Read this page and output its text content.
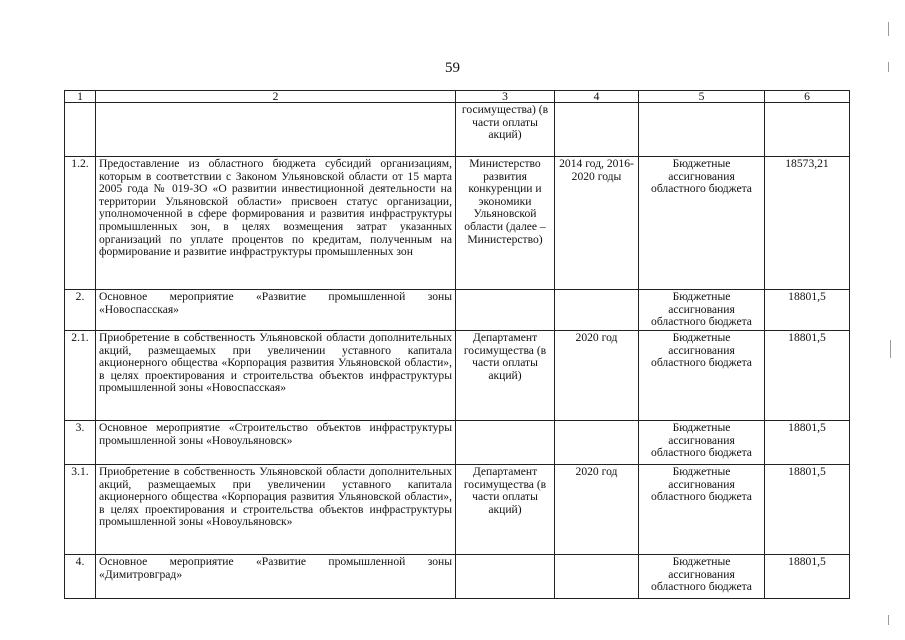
59
1	2	3	4	5	6
		госимущества) (в части оплаты акций)			
1.2.	Предоставление из областного бюджета субсидий организациям, которым в соответствии с Законом Ульяновской области от 15 марта 2005 года № 019-ЗО «О развитии инвестиционной деятельности на территории Ульяновской области» присвоен статус организации, уполномоченной в сфере формирования и развития инфраструктуры промышленных зон, в целях возмещения затрат указанных организаций по уплате процентов по кредитам, полученным на формирование и развитие инфраструктуры промышленных зон	Министерство развития конкуренции и экономики Ульяновской области (далее – Министерство)	2014 год, 2016-2020 годы	Бюджетные ассигнования областного бюджета	18573,21
2.	Основное мероприятие «Развитие промышленной зоны «Новоспасская»			Бюджетные ассигнования областного бюджета	18801,5
2.1.	Приобретение в собственность Ульяновской области дополнительных акций, размещаемых при увеличении уставного капитала акционерного общества «Корпорация развития Ульяновской области», в целях проектирования и строительства объектов инфраструктуры промышленной зоны «Новоспасская»	Департамент госимущества (в части оплаты акций)	2020 год	Бюджетные ассигнования областного бюджета	18801,5
3.	Основное мероприятие «Строительство объектов инфраструктуры промышленной зоны «Новоульяновск»			Бюджетные ассигнования областного бюджета	18801,5
3.1.	Приобретение в собственность Ульяновской области дополнительных акций, размещаемых при увеличении уставного капитала акционерного общества «Корпорация развития Ульяновской области», в целях проектирования и строительства объектов инфраструктуры промышленной зоны «Новоульяновск»	Департамент госимущества (в части оплаты акций)	2020 год	Бюджетные ассигнования областного бюджета	18801,5
4.	Основное мероприятие «Развитие промышленной зоны «Димитровград»			Бюджетные ассигнования областного бюджета	18801,5
